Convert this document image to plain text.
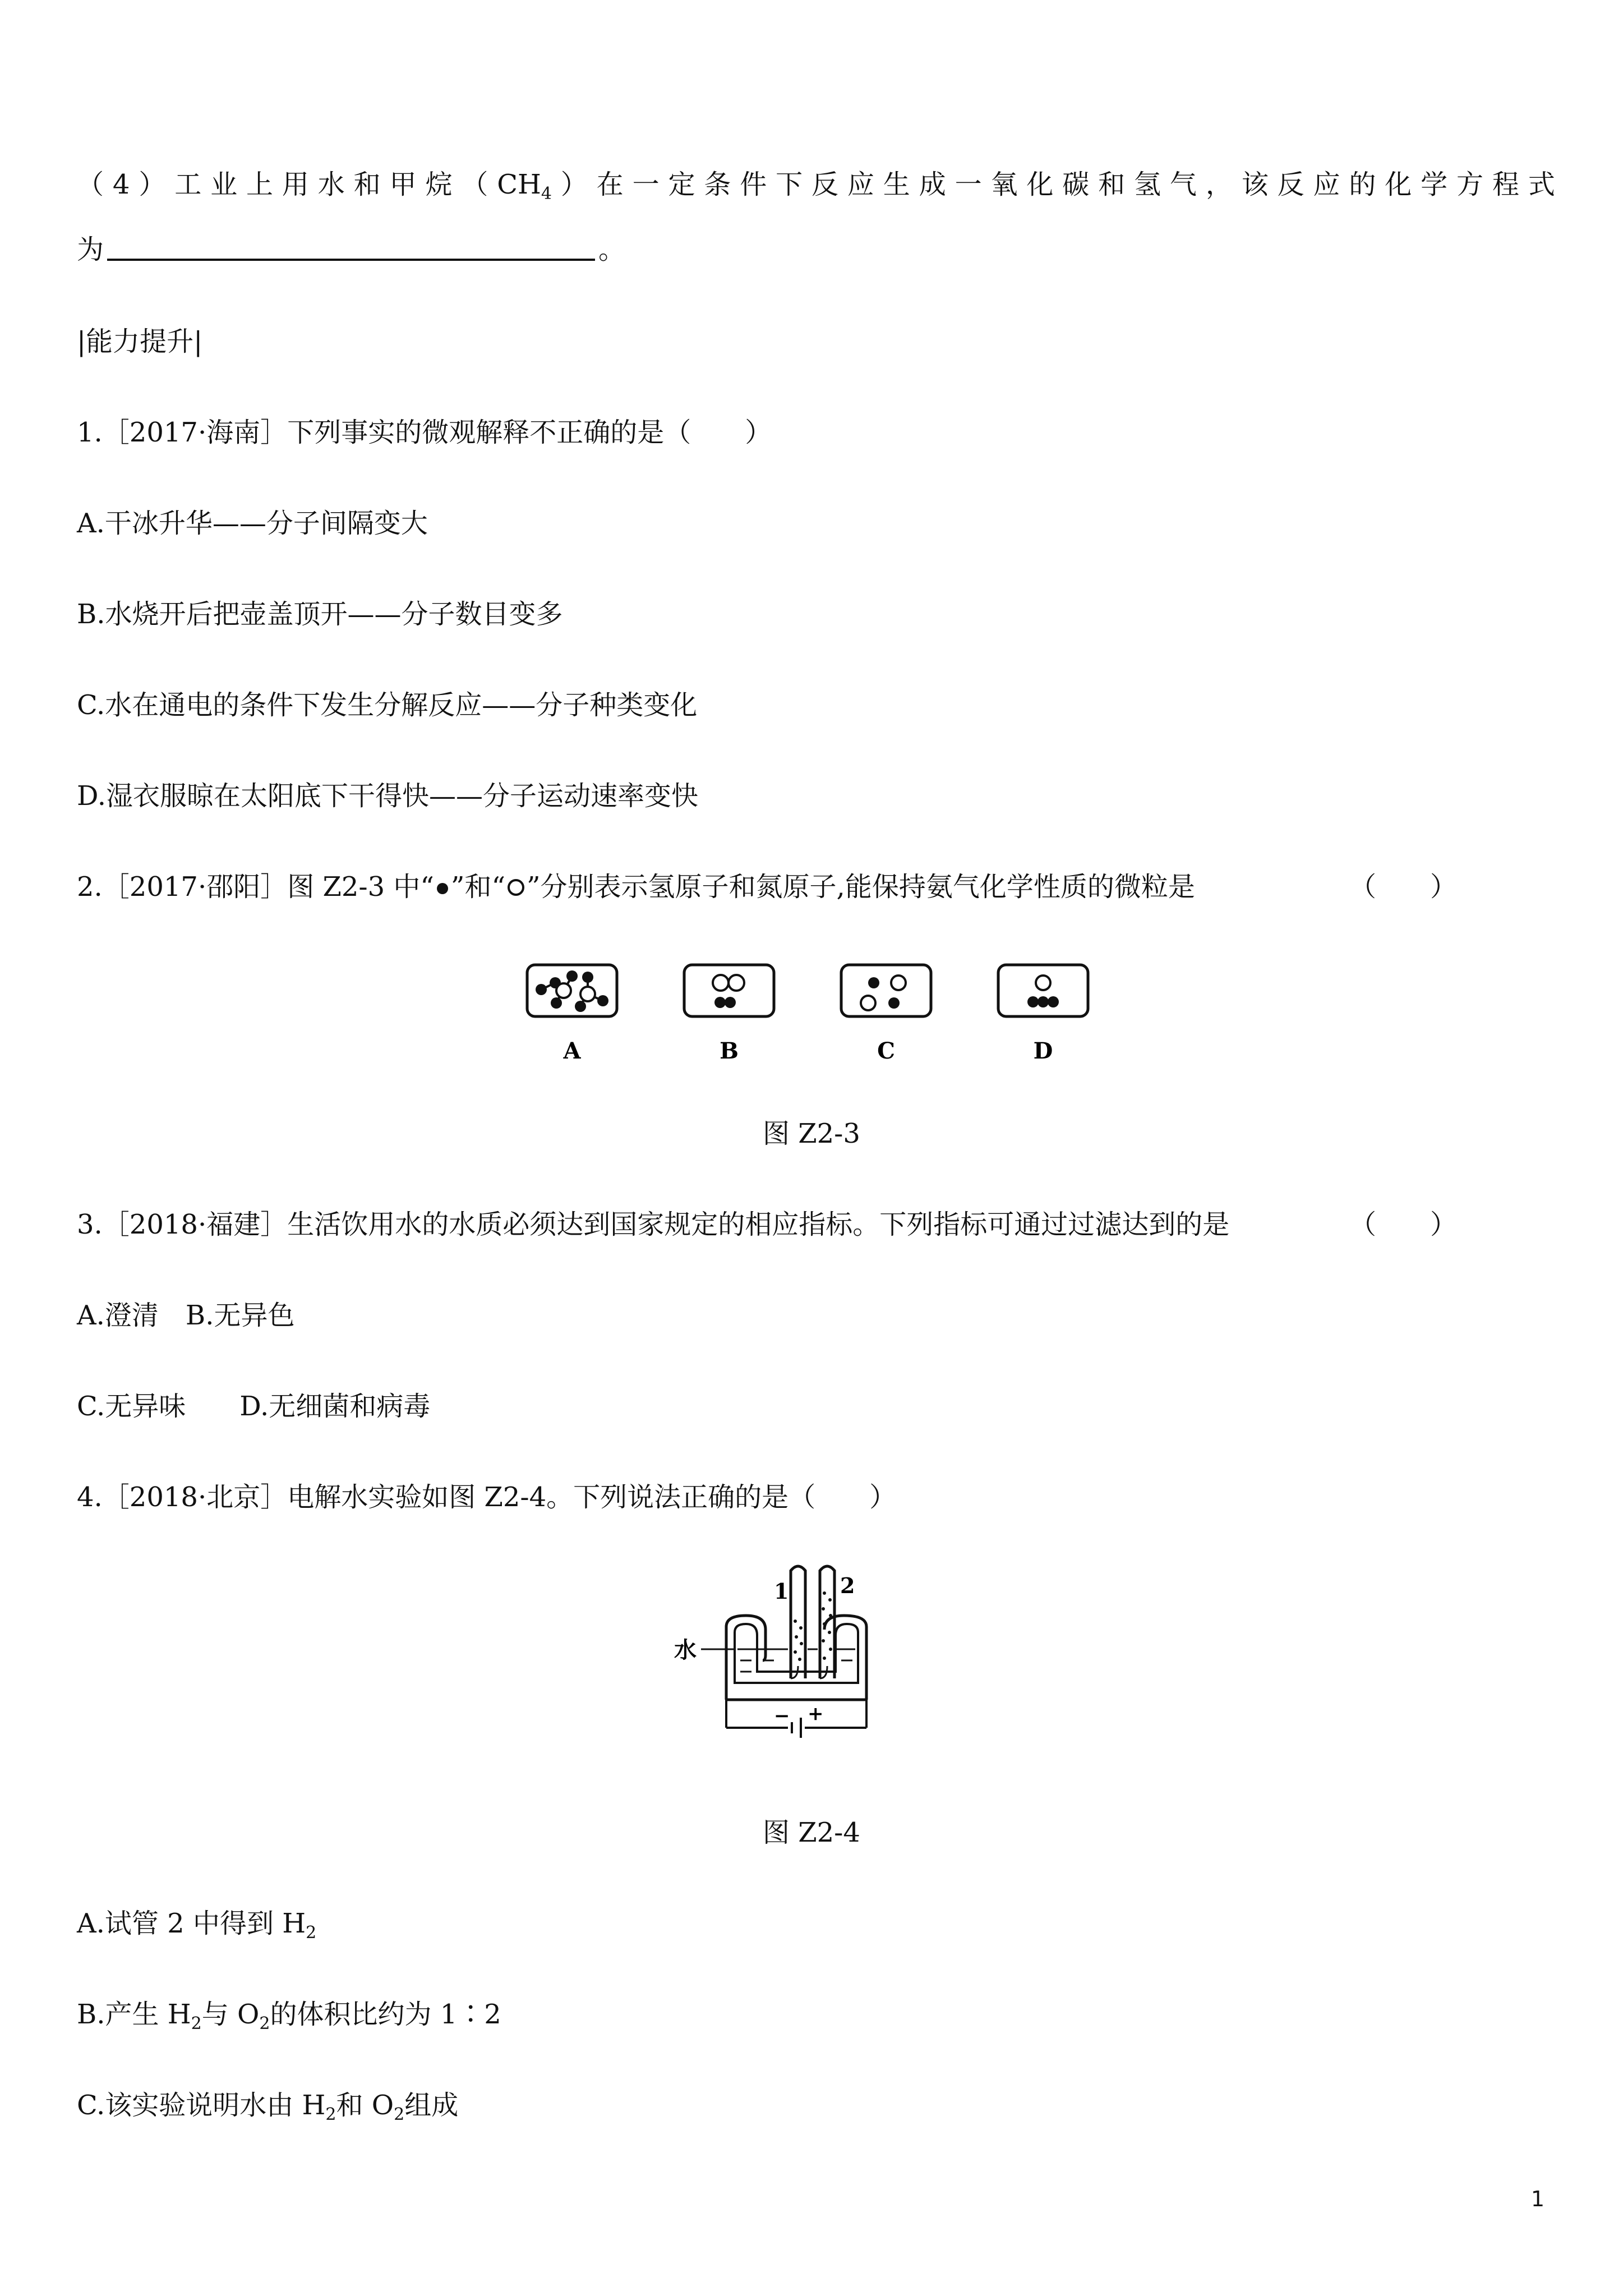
（ 4 ） 工 业 上 用 水 和 甲 烷 （ $CH_4$ ） 在 一 定 条 件 下 反 应 生 成 一 氧 化 碳 和 氢 气 ， 该 反 应 的 化 学 方 程 式
为	。
|能力提升|
1.［2017·海南］下列事实的微观解释不正确的是（　　）
A.干冰升华——分子间隔变大
B.水烧开后把壶盖顶开——分子数目变多
C.水在通电的条件下发生分解反应——分子种类变化
D.湿衣服晾在太阳底下干得快——分子运动速率变快
2.［2017·邵阳］图 Z2-3 中“ ”和“ ”分别表示氢原子和氮原子,能保持氨气化学性质的微粒是	（　　）
A	B	C	D
图 Z2-3
3.［2018·福建］生活饮用水的水质必须达到国家规定的相应指标。下列指标可通过过滤达到的是	（　　）
A.澄清　B.无异色
C.无异味　　D.无细菌和病毒
4.［2018·北京］电解水实验如图 Z2-4。下列说法正确的是（　　）
1 2
水
− +
图 Z2-4
A.试管 2 中得到 $H_2$
B.产生 $H_2$与 $O_2$的体积比约为 1∶2
C.该实验说明水由 $H_2$和 $O_2$组成
1
